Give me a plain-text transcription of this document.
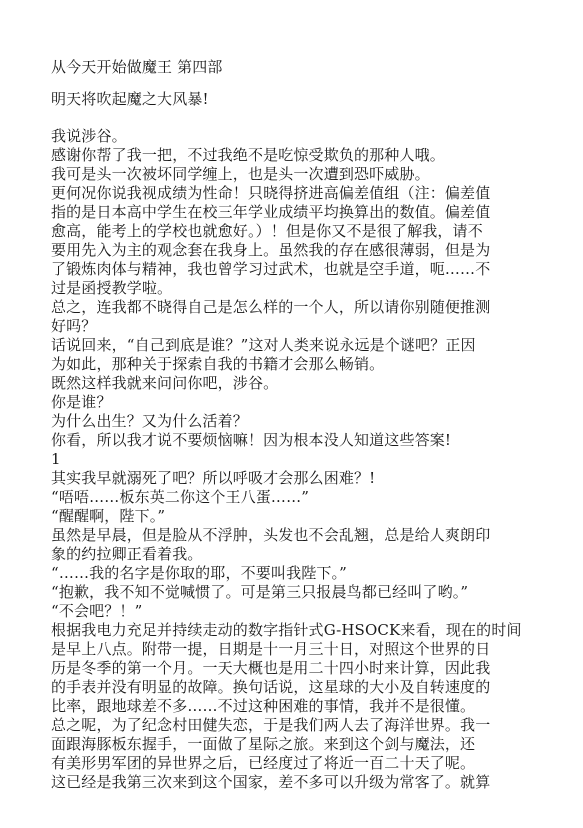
从今天开始做魔王 第四部
明天将吹起魔之大风暴!
我说涉谷。
感谢你帮了我一把，不过我绝不是吃惊受欺负的那种人哦。
我可是头一次被坏同学缠上，也是头一次遭到恐吓威胁。
更何况你说我视成绩为性命！只晓得挤进高偏差值组（注：偏差值
指的是日本高中学生在校三年学业成绩平均换算出的数值。偏差值
愈高，能考上的学校也就愈好。）！但是你又不是很了解我，请不
要用先入为主的观念套在我身上。虽然我的存在感很薄弱，但是为
了锻炼肉体与精神，我也曾学习过武术，也就是空手道，呃……不
过是函授教学啦。
总之，连我都不晓得自己是怎么样的一个人，所以请你别随便推测
好吗？
话说回来，“自己到底是谁？”这对人类来说永远是个谜吧？正因
为如此，那种关于探索自我的书籍才会那么畅销。
既然这样我就来问问你吧，涉谷。
你是谁？
为什么出生？又为什么活着？
你看，所以我才说不要烦恼嘛！因为根本没人知道这些答案!
1
其实我早就溺死了吧？所以呼吸才会那么困难？!
“唔唔……板东英二你这个王八蛋……”
“醒醒啊，陛下。”
虽然是早晨，但是脸从不浮肿，头发也不会乱翘，总是给人爽朗印
象的约拉卿正看着我。
“……我的名字是你取的耶，不要叫我陛下。”
“抱歉，我不知不觉喊惯了。可是第三只报晨鸟都已经叫了哟。”
“不会吧？！”
根据我电力充足并持续走动的数字指针式G-HSOCK来看，现在的时间
是早上八点。附带一提，日期是十一月三十日，对照这个世界的日
历是冬季的第一个月。一天大概也是用二十四小时来计算，因此我
的手表并没有明显的故障。换句话说，这星球的大小及自转速度的
比率，跟地球差不多……不过这种困难的事情，我并不是很懂。
总之呢，为了纪念村田健失恋，于是我们两人去了海洋世界。我一
面跟海豚板东握手，一面做了星际之旅。来到这个剑与魔法，还
有美形男军团的异世界之后，已经度过了将近一百二十天了呢。
这已经是我第三次来到这个国家，差不多可以升级为常客了。就算
